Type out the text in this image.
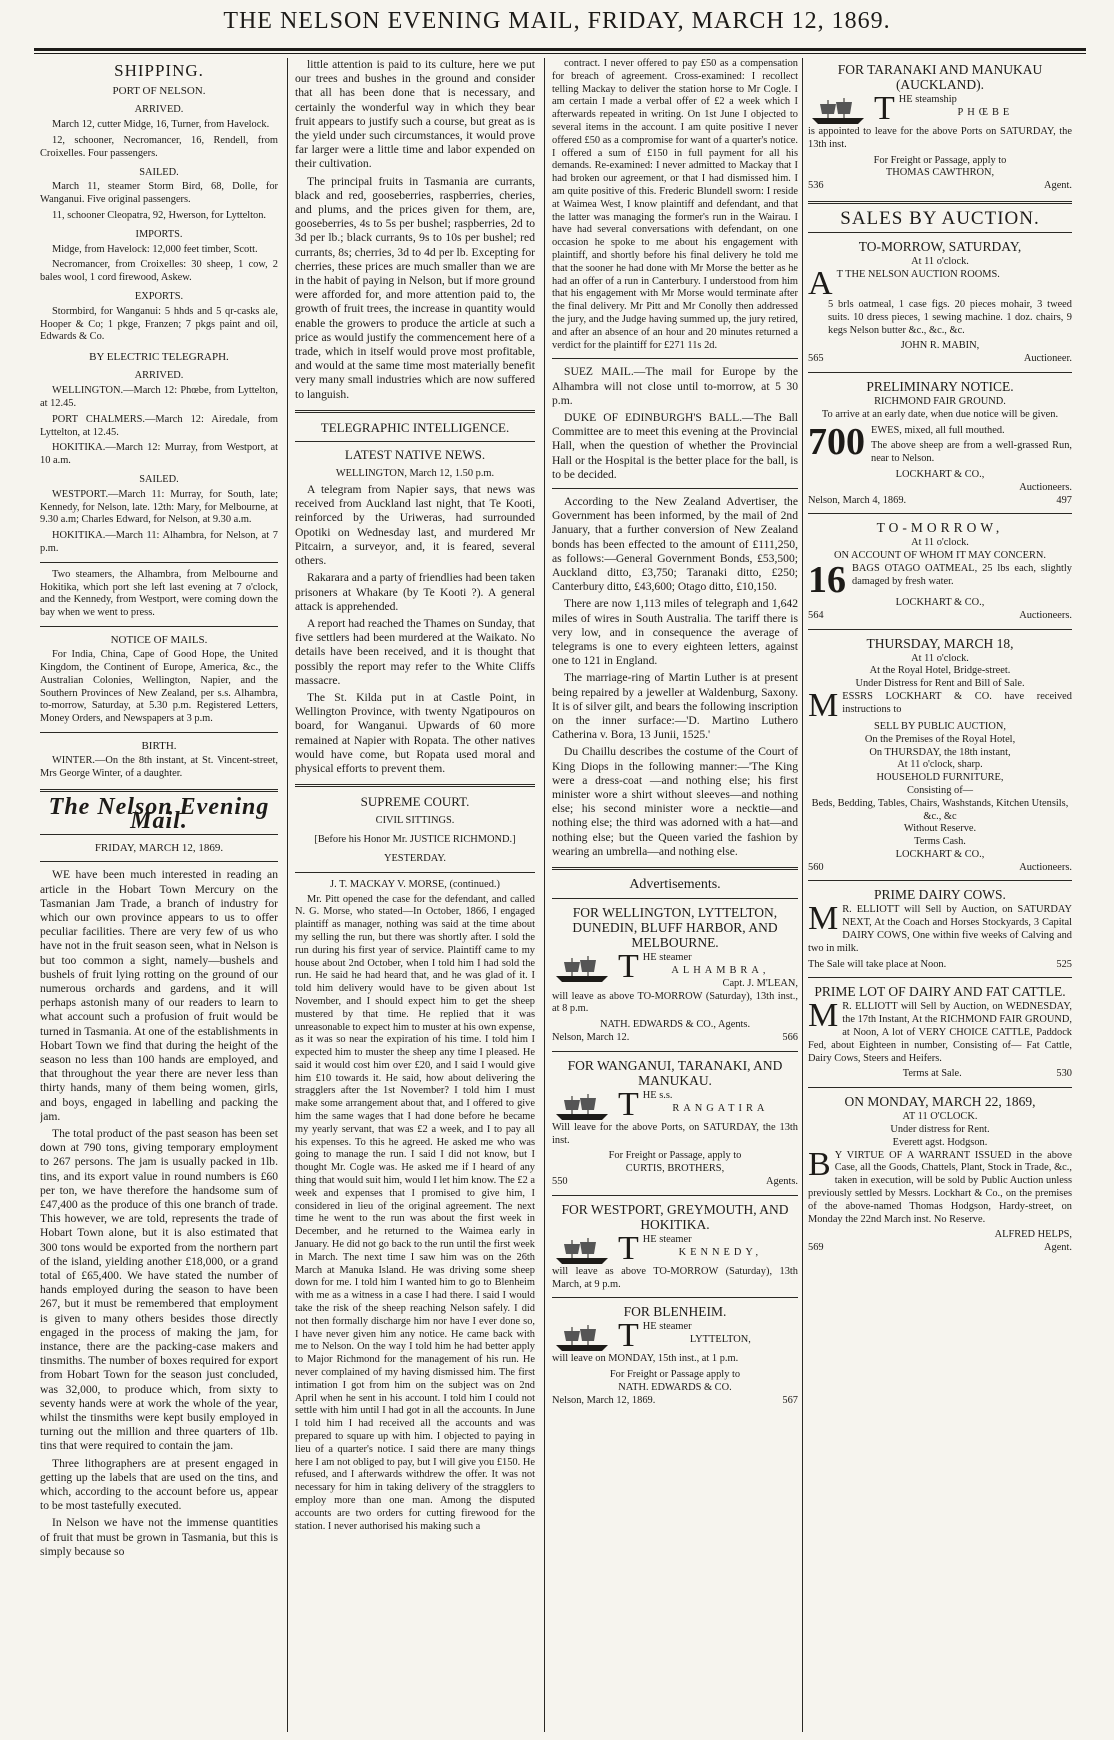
THE NELSON EVENING MAIL, FRIDAY, MARCH 12, 1869.
SHIPPING.
PORT OF NELSON.
ARRIVED.

March 12, cutter Midge, 16, Turner, from Havelock.

12, schooner, Necromancer, 16, Rendell, from Croixelles. Four passengers.

SAILED.

March 11, steamer Storm Bird, 68, Dolle, for Wanganui. Five original passengers.

11, schooner Cleopatra, 92, Hwerson, for Lyttelton.

IMPORTS.

Midge, from Havelock: 12,000 feet timber, Scott.

Necromancer, from Croixelles: 30 sheep, 1 cow, 2 bales wool, 1 cord firewood, Askew.

EXPORTS.

Stormbird, for Wanganui: 5 hhds and 5 qr-casks ale, Hooper & Co; 1 pkge, Franzen; 7 pkgs paint and oil, Edwards & Co.

BY ELECTRIC TELEGRAPH.
ARRIVED.

WELLINGTON.—March 12: Phœbe, from Lyttelton, at 12.45.

PORT CHALMERS.—March 12: Airedale, from Lyttelton, at 12.45.

HOKITIKA.—March 12: Murray, from Westport, at 10 a.m.

SAILED.

WESTPORT.—March 11: Murray, for South, late; Kennedy, for Nelson, late. 12th: Mary, for Melbourne, at 9.30 a.m; Charles Edward, for Nelson, at 9.30 a.m.

HOKITIKA.—March 11: Alhambra, for Nelson, at 7 p.m.

Two steamers, the Alhambra, from Melbourne and Hokitika, which port she left last evening at 7 o'clock, and the Kennedy, from Westport, were coming down the bay when we went to press.

NOTICE OF MAILS.

For India, China, Cape of Good Hope, the United Kingdom, the Continent of Europe, America, &c., the Australian Colonies, Wellington, Napier, and the Southern Provinces of New Zealand, per s.s. Alhambra, to-morrow, Saturday, at 5.30 p.m. Registered Letters, Money Orders, and Newspapers at 3 p.m.

BIRTH.

WINTER.—On the 8th instant, at St. Vincent-street, Mrs George Winter, of a daughter.

The Nelson Evening Mail.
FRIDAY, MARCH 12, 1869.

WE have been much interested in reading an article in the Hobart Town Mercury on the Tasmanian Jam Trade, a branch of industry for which our own province appears to us to offer peculiar facilities. There are very few of us who have not in the fruit season seen, what in Nelson is but too common a sight, namely—bushels and bushels of fruit lying rotting on the ground of our numerous orchards and gardens, and it will perhaps astonish many of our readers to learn to what account such a profusion of fruit would be turned in Tasmania. At one of the establishments in Hobart Town we find that during the height of the season no less than 100 hands are employed, and that throughout the year there are never less than thirty hands, many of them being women, girls, and boys, engaged in labelling and packing the jam.

The total product of the past season has been set down at 790 tons, giving temporary employment to 267 persons. The jam is usually packed in 1lb. tins, and its export value in round numbers is £60 per ton, we have therefore the handsome sum of £47,400 as the produce of this one branch of trade. This however, we are told, represents the trade of Hobart Town alone, but it is also estimated that 300 tons would be exported from the northern part of the island, yielding another £18,000, or a grand total of £65,400. We have stated the number of hands employed during the season to have been 267, but it must be remembered that employment is given to many others besides those directly engaged in the process of making the jam, for instance, there are the packing-case makers and tinsmiths. The number of boxes required for export from Hobart Town for the season just concluded, was 32,000, to produce which, from sixty to seventy hands were at work the whole of the year, whilst the tinsmiths were kept busily employed in turning out the million and three quarters of 1lb. tins that were required to contain the jam.

Three lithographers are at present engaged in getting up the labels that are used on the tins, and which, according to the account before us, appear to be most tastefully executed.

In Nelson we have not the immense quantities of fruit that must be grown in Tasmania, but this is simply because so

little attention is paid to its culture, here we put our trees and bushes in the ground and consider that all has been done that is necessary, and certainly the wonderful way in which they bear fruit appears to justify such a course, but great as is the yield under such circumstances, it would prove far larger were a little time and labor expended on their cultivation.

The principal fruits in Tasmania are currants, black and red, gooseberries, raspberries, cheries, and plums, and the prices given for them, are, gooseberries, 4s to 5s per bushel; raspberries, 2d to 3d per lb.; black currants, 9s to 10s per bushel; red currants, 8s; cherries, 3d to 4d per lb. Excepting for cherries, these prices are much smaller than we are in the habit of paying in Nelson, but if more ground were afforded for, and more attention paid to, the growth of fruit trees, the increase in quantity would enable the growers to produce the article at such a price as would justify the commencement here of a trade, which in itself would prove most profitable, and would at the same time most materially benefit very many small industries which are now suffered to languish.

TELEGRAPHIC INTELLIGENCE.
LATEST NATIVE NEWS.
WELLINGTON, March 12, 1.50 p.m.

A telegram from Napier says, that news was received from Auckland last night, that Te Kooti, reinforced by the Uriweras, had surrounded Opotiki on Wednesday last, and murdered Mr Pitcairn, a surveyor, and, it is feared, several others.

Rakarara and a party of friendlies had been taken prisoners at Whakare (by Te Kooti ?). A general attack is apprehended.

A report had reached the Thames on Sunday, that five settlers had been murdered at the Waikato. No details have been received, and it is thought that possibly the report may refer to the White Cliffs massacre.

The St. Kilda put in at Castle Point, in Wellington Province, with twenty Ngatipouros on board, for Wanganui. Upwards of 60 more remained at Napier with Ropata. The other natives would have come, but Ropata used moral and physical efforts to prevent them.

SUPREME COURT.
CIVIL SITTINGS.
[Before his Honor Mr. JUSTICE RICHMOND.]
YESTERDAY.
J. T. MACKAY V. MORSE, (continued.)

Mr. Pitt opened the case for the defendant, and called N. G. Morse, who stated—In October, 1866, I engaged plaintiff as manager, nothing was said at the time about my selling the run, but there was shortly after. I sold the run during his first year of service. Plaintiff came to my house about 2nd October, when I told him I had sold the run. He said he had heard that, and he was glad of it. I told him delivery would have to be given about 1st November, and I should expect him to get the sheep mustered by that time. He replied that it was unreasonable to expect him to muster at his own expense, as it was so near the expiration of his time. I told him I expected him to muster the sheep any time I pleased. He said it would cost him over £20, and I said I would give him £10 towards it. He said, how about delivering the stragglers after the 1st November? I told him I must make some arrangement about that, and I offered to give him the same wages that I had done before he became my yearly servant, that was £2 a week, and I to pay all his expenses. To this he agreed. He asked me who was going to manage the run. I said I did not know, but I thought Mr. Cogle was. He asked me if I heard of any thing that would suit him, would I let him know. The £2 a week and expenses that I promised to give him, I considered in lieu of the original agreement. The next time he went to the run was about the first week in December, and he returned to the Waimea early in January. He did not go back to the run until the first week in March. The next time I saw him was on the 26th March at Manuka Island. He was driving some sheep down for me. I told him I wanted him to go to Blenheim with me as a witness in a case I had there. I said I would take the risk of the sheep reaching Nelson safely. I did not then formally discharge him nor have I ever done so, I have never given him any notice. He came back with me to Nelson. On the way I told him he had better apply to Major Richmond for the management of his run. He never complained of my having dismissed him. The first intimation I got from him on the subject was on 2nd April when he sent in his account. I told him I could not settle with him until I had got in all the accounts. In June I told him I had received all the accounts and was prepared to square up with him. I objected to paying in lieu of a quarter's notice. I said there are many things here I am not obliged to pay, but I will give you £150. He refused, and I afterwards withdrew the offer. It was not necessary for him in taking delivery of the stragglers to employ more than one man. Among the disputed accounts are two orders for cutting firewood for the station. I never authorised his making such a

contract. I never offered to pay £50 as a compensation for breach of agreement. Cross-examined: I recollect telling Mackay to deliver the station horse to Mr Cogle. I am certain I made a verbal offer of £2 a week which I afterwards repeated in writing. On 1st June I objected to several items in the account. I am quite positive I never offered £50 as a compromise for want of a quarter's notice. I offered a sum of £150 in full payment for all his demands. Re-examined: I never admitted to Mackay that I had broken our agreement, or that I had dismissed him. I am quite positive of this. Frederic Blundell sworn: I reside at Waimea West, I know plaintiff and defendant, and that the latter was managing the former's run in the Wairau. I have had several conversations with defendant, on one occasion he spoke to me about his engagement with plaintiff, and shortly before his final delivery he told me that the sooner he had done with Mr Morse the better as he had an offer of a run in Canterbury. I understood from him that his engagement with Mr Morse would terminate after the final delivery. Mr Pitt and Mr Conolly then addressed the jury, and the Judge having summed up, the jury retired, and after an absence of an hour and 20 minutes returned a verdict for the plaintiff for £271 11s 2d.

SUEZ MAIL.—The mail for Europe by the Alhambra will not close until to-morrow, at 5 30 p.m.

DUKE OF EDINBURGH'S BALL.—The Ball Committee are to meet this evening at the Provincial Hall, when the question of whether the Provincial Hall or the Hospital is the better place for the ball, is to be decided.

According to the New Zealand Advertiser, the Government has been informed, by the mail of 2nd January, that a further conversion of New Zealand bonds has been effected to the amount of £111,250, as follows:—General Government Bonds, £53,500; Auckland ditto, £3,750; Taranaki ditto, £250; Canterbury ditto, £43,600; Otago ditto, £10,150.

There are now 1,113 miles of telegraph and 1,642 miles of wires in South Australia. The tariff there is very low, and in consequence the average of telegrams is one to every eighteen letters, against one to 121 in England.

The marriage-ring of Martin Luther is at present being repaired by a jeweller at Waldenburg, Saxony. It is of silver gilt, and bears the following inscription on the inner surface:—'D. Martino Luthero Catherina v. Bora, 13 Junii, 1525.'

Du Chaillu describes the costume of the Court of King Diops in the following manner:—'The King were a dress-coat —and nothing else; his first minister wore a shirt without sleeves—and nothing else; his second minister wore a necktie—and nothing else; the third was adorned with a hat—and nothing else; but the Queen varied the fashion by wearing an umbrella—and nothing else.

Advertisements.
FOR WELLINGTON, LYTTELTON, DUNEDIN, BLUFF HARBOR, AND MELBOURNE.
THE steamer
ALHAMBRA,
Capt. J. M'LEAN,

will leave as above TO-MORROW (Saturday), 13th inst., at 8 p.m.

NATH. EDWARDS & CO., Agents.
Nelson, March 12.	566
FOR WANGANUI, TARANAKI, AND MANUKAU.
THE s.s.
RANGATIRA

Will leave for the above Ports, on SATURDAY, the 13th inst.

For Freight or Passage, apply to
CURTIS, BROTHERS,
550	Agents.
FOR WESTPORT, GREYMOUTH, AND HOKITIKA.
THE steamer
KENNEDY,

will leave as above TO-MORROW (Saturday), 13th March, at 9 p.m.

FOR BLENHEIM.
THE steamer
LYTTELTON,

will leave on MONDAY, 15th inst., at 1 p.m.

For Freight or Passage apply to
NATH. EDWARDS & CO.
Nelson, March 12, 1869.	567
FOR TARANAKI AND MANUKAU (AUCKLAND).
THE steamship
PHŒBE

is appointed to leave for the above Ports on SATURDAY, the 13th inst.

For Freight or Passage, apply to
THOMAS CAWTHRON,
536	Agent.
SALES BY AUCTION.
TO-MORROW, SATURDAY,
At 11 o'clock.

A T THE NELSON AUCTION ROOMS.

5 brls oatmeal, 1 case figs. 20 pieces mohair, 3 tweed suits. 10 dress pieces, 1 sewing machine. 1 doz. chairs, 9 kegs Nelson butter &c., &c., &c.

JOHN R. MABIN,
565	Auctioneer.
PRELIMINARY NOTICE.
RICHMOND FAIR GROUND.

To arrive at an early date, when due notice will be given.

700 EWES, mixed, all full mouthed.

The above sheep are from a well-grassed Run, near to Nelson.

LOCKHART & CO.,
Auctioneers.
Nelson, March 4, 1869.	497
TO-MORROW,
At 11 o'clock.
ON ACCOUNT OF WHOM IT MAY CONCERN.

16 BAGS OTAGO OATMEAL, 25 lbs each, slightly damaged by fresh water.

LOCKHART & CO.,
564	Auctioneers.
THURSDAY, MARCH 18,
At 11 o'clock.
At the Royal Hotel, Bridge-street.
Under Distress for Rent and Bill of Sale.

MESSRS LOCKHART & CO. have received instructions to

SELL BY PUBLIC AUCTION,
On the Premises of the Royal Hotel,
On THURSDAY, the 18th instant,
At 11 o'clock, sharp.
HOUSEHOLD FURNITURE,
Consisting of—
Beds, Bedding, Tables, Chairs, Washstands, Kitchen Utensils, &c., &c
Without Reserve.
Terms Cash.
LOCKHART & CO.,
560	Auctioneers.
PRIME DAIRY COWS.

M R. ELLIOTT will Sell by Auction, on SATURDAY NEXT, At the Coach and Horses Stockyards, 3 Capital DAIRY COWS, One within five weeks of Calving and two in milk.

The Sale will take place at Noon.	525
PRIME LOT OF DAIRY AND FAT CATTLE.

M R. ELLIOTT will Sell by Auction, on WEDNESDAY, the 17th Instant, At the RICHMOND FAIR GROUND, at Noon, A lot of VERY CHOICE CATTLE, Paddock Fed, about Eighteen in number, Consisting of— Fat Cattle, Dairy Cows, Steers and Heifers.

Terms at Sale.	530
ON MONDAY, MARCH 22, 1869,
AT 11 O'CLOCK.
Under distress for Rent.
Everett agst. Hodgson.

B Y VIRTUE OF A WARRANT ISSUED in the above Case, all the Goods, Chattels, Plant, Stock in Trade, &c., taken in execution, will be sold by Public Auction unless previously settled by Messrs. Lockhart & Co., on the premises of the above-named Thomas Hodgson, Hardy-street, on Monday the 22nd March inst. No Reserve.

ALFRED HELPS,
569	Agent.
